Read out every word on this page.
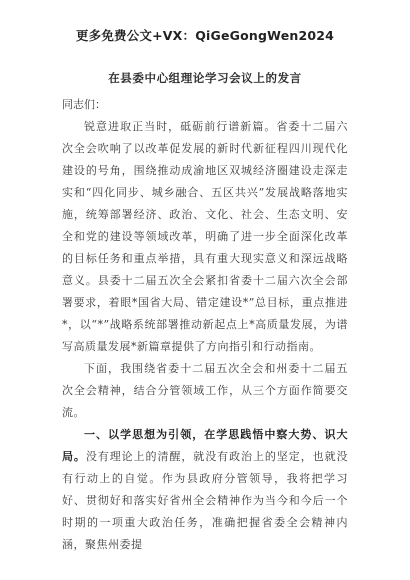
更多免费公文+VX：QiGeGongWen2024
在县委中心组理论学习会议上的发言

同志们：

锐意进取正当时，砥砺前行谱新篇。省委十二届六次全会吹响了以改革促发展的新时代新征程四川现代化建设的号角，围绕推动成渝地区双城经济圈建设走深走实和“四化同步、城乡融合、五区共兴”发展战略落地实施，统筹部署经济、政治、文化、社会、生态文明、安全和党的建设等领域改革，明确了进一步全面深化改革的目标任务和重点举措，具有重大现实意义和深远战略意义。县委十二届五次全会紧扣省委十二届六次全会部署要求，着眼*国省大局、错定建设*”总目标，重点推进*，以“*”战略系统部署推动新起点上*高质量发展，为谱写高质量发展*新篇章提供了方向指引和行动指南。

下面，我围绕省委十二届五次全会和州委十二届五次全会精神，结合分管领域工作，从三个方面作简要交流。

一、以学思想为引领，在学思践悟中察大势、识大局。没有理论上的清醒，就没有政治上的坚定，也就没有行动上的自觉。作为县政府分管领导，我将把学习好、贯彻好和落实好省州全会精神作为当今和今后一个时期的一项重大政治任务，准确把握省委全会精神内涵，聚焦州委提
